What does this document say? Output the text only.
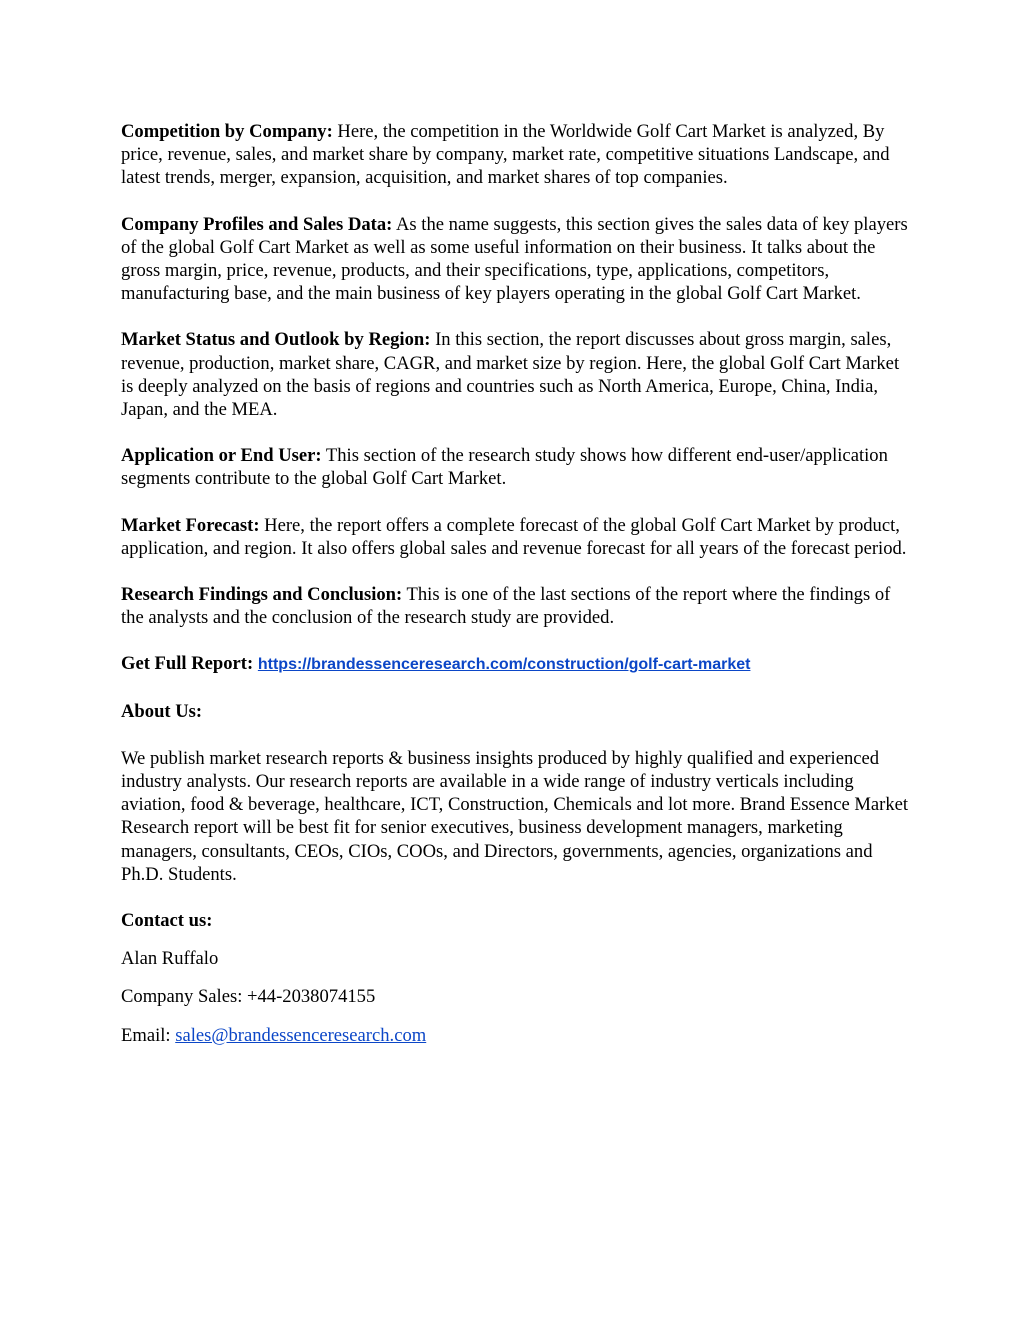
Competition by Company: Here, the competition in the Worldwide Golf Cart Market is analyzed, By price, revenue, sales, and market share by company, market rate, competitive situations Landscape, and latest trends, merger, expansion, acquisition, and market shares of top companies.

Company Profiles and Sales Data: As the name suggests, this section gives the sales data of key players of the global Golf Cart Market as well as some useful information on their business. It talks about the gross margin, price, revenue, products, and their specifications, type, applications, competitors, manufacturing base, and the main business of key players operating in the global Golf Cart Market.

Market Status and Outlook by Region: In this section, the report discusses about gross margin, sales, revenue, production, market share, CAGR, and market size by region. Here, the global Golf Cart Market is deeply analyzed on the basis of regions and countries such as North America, Europe, China, India, Japan, and the MEA.

Application or End User: This section of the research study shows how different end-user/application segments contribute to the global Golf Cart Market.

Market Forecast: Here, the report offers a complete forecast of the global Golf Cart Market by product, application, and region. It also offers global sales and revenue forecast for all years of the forecast period.

Research Findings and Conclusion: This is one of the last sections of the report where the findings of the analysts and the conclusion of the research study are provided.

Get Full Report: https://brandessenceresearch.com/construction/golf-cart-market

About Us:

We publish market research reports & business insights produced by highly qualified and experienced industry analysts. Our research reports are available in a wide range of industry verticals including aviation, food & beverage, healthcare, ICT, Construction, Chemicals and lot more. Brand Essence Market Research report will be best fit for senior executives, business development managers, marketing managers, consultants, CEOs, CIOs, COOs, and Directors, governments, agencies, organizations and Ph.D. Students.

Contact us:

Alan Ruffalo

Company Sales: +44-2038074155

Email: sales@brandessenceresearch.com
